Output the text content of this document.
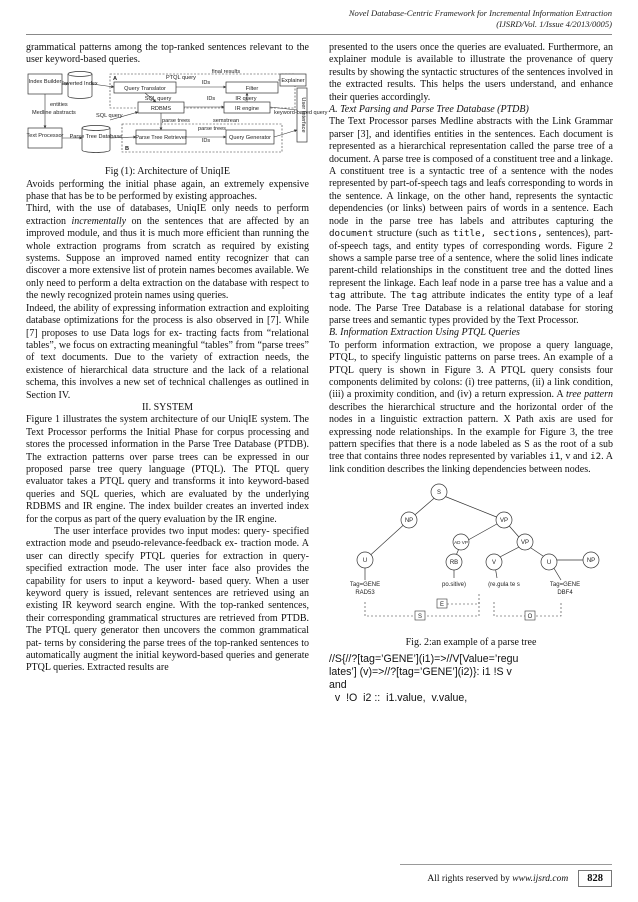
Novel Database-Centric Framework for Incremental Information Extraction
(IJSRD/Vol. 1/Issue 4/2013/0005)

grammatical patterns among the top-ranked sentences relevant to the user keyword-based queries.

Index Builder Inverted Index
A
final results
PTQL query
IDs
Query Translator	Filter
Explainer
User Interface
entities
SQL query	IDs	IR query
Medline abstracts
RDBMS	IR engine
keyword-based query
SQL query
parse trees	semstrean
Text Processor Parse Tree Database
B
parse trees
Parse Tree Retriever	IDs	Query Generator

Fig (1): Architecture of UniqIE

Avoids performing the initial phase again, an extremely expensive phase that has be to be performed by existing approaches.

Third, with the use of databases, UniqIE only needs to perform extraction incrementally on the sentences that are affected by an improved module, and thus it is much more efficient than running the whole extraction programs from scratch as required by existing systems. Suppose an improved named entity recognizer that can discover a more extensive list of protein names becomes available. We only need to perform a delta extraction on the database with respect to the newly recognized protein names using queries.

Indeed, the ability of expressing information extraction and exploiting database optimizations for the process is also observed in [7]. While [7] proposes to use Data logs for ex- tracting facts from “relational tables”, we focus on extracting meaningful “tables” from “parse trees” of text documents. Due to the variety of extraction needs, the existence of hierarchical data structure and the lack of a relational schema, this involves a new set of technical challenges as outlined in Section IV.

II. SYSTEM

Figure 1 illustrates the system architecture of our UniqIE system. The Text Processor performs the Initial Phase for corpus processing and stores the processed information in the Parse Tree Database (PTDB). The extraction patterns over parse trees can be expressed in our proposed parse tree query language (PTQL). The PTQL query evaluator takes a PTQL query and transforms it into keyword-based queries and SQL queries, which are evaluated by the underlying RDBMS and IR engine. The index builder creates an inverted index for the corpus as part of the query evaluation by the IR engine.

The user interface provides two input modes: query- specified extraction mode and pseudo-relevance-feedback ex- traction mode. A user can directly specify PTQL queries for extraction in query-specified extraction mode. The user inter face also provides the capability for users to input a keyword- based query. When a user keyword query is issued, relevant sentences are retrieved using an existing IR keyword search engine. With the top-ranked sentences, their corresponding grammatical structures are retrieved from PTDB. The PTQL query generator then uncovers the common grammatical pat- terns by considering the parse trees of the top-ranked sentences to automatically augment the initial keyword-based queries and generate PTQL queries. Extracted results are

presented to the users once the queries are evaluated. Furthermore, an explainer module is available to illustrate the provenance of query results by showing the syntactic structures of the sentences involved in the extracted results. This helps the users understand, and enhance their queries accordingly.

A. Text Parsing and Parse Tree Database (PTDB)

The Text Processor parses Medline abstracts with the Link Grammar parser [3], and identifies entities in the sentences. Each document is represented as a hierarchical representation called the parse tree of a document. A parse tree is composed of a constituent tree and a linkage. A constituent tree is a syntactic tree of a sentence with the nodes represented by part-of-speech tags and leafs corresponding to words in the sentence. A linkage, on the other hand, represents the syntactic dependencies (or links) between pairs of words in a sentence. Each node in the parse tree has labels and attributes capturing the document structure (such as title, sections, sentences), part-of-speech tags, and entity types of corresponding words. Figure 2 shows a sample parse tree of a sentence, where the solid lines indicate parent-child relationships in the constituent tree and the dotted lines represent the linkage. Each leaf node in a parse tree has a value and a tag attribute. The tag attribute indicates the entity type of a leaf node. The Parse Tree Database is a relational database for storing parse trees and semantic types provided by the Text Processor.

B. Information Extraction Using PTQL Queries

To perform information extraction, we propose a query language, PTQL, to specify linguistic patterns on parse trees. An example of a PTQL query is shown in Figure 3. A PTQL query consists four components delimited by colons: (i) tree patterns, (ii) a link condition, (iii) a proximity condition, and (iv) a return expression. A tree pattern describes the hierarchical structure and the horizontal order of the nodes in a linguistic extraction pattern. X Path axis are used for expressing node relationships. In the example for Figure 3, the tree pattern specifies that there is a node labeled as S as the root of a sub tree that contains three nodes represented by variables i1, v and i2. A link condition describes the linking dependencies between nodes.

S
NP	VP
AD VP	VP
NP
U	RB	V	U
Tag=GENE
RAD53
po.sitive)	(re.gula te s	Tag=GENE
DBF4
S
E
O

Fig. 2:an example of a parse tree

//S{//?[tag=’GENE’](i1)=>//V[Value=’regu
lates’] (v)=>//?[tag=’GENE’](i2)}: i1 !S v
and
v  !O  i2 ::  i1.value,  v.value,
All rights reserved by www.ijsrd.com	828
